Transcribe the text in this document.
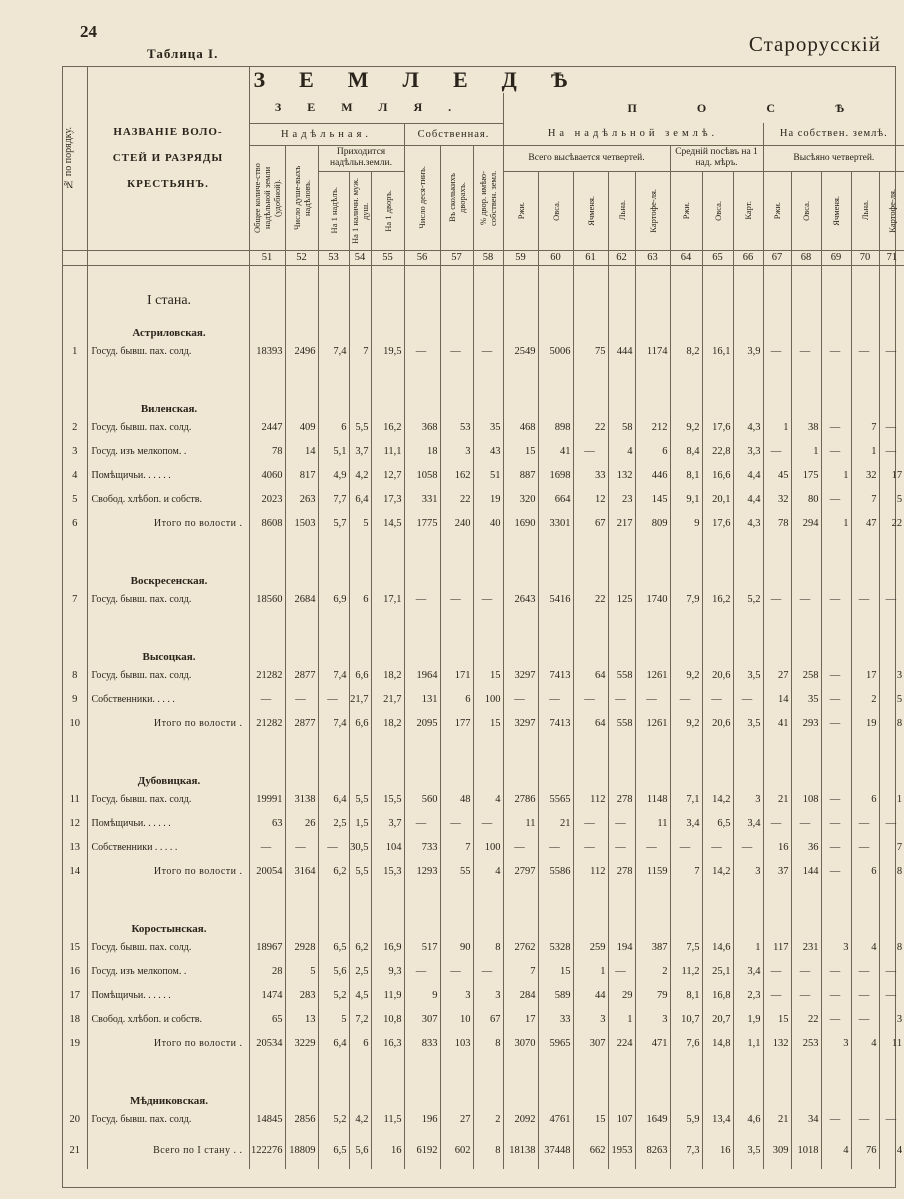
24
Таблица I.	Старорусскій
№ по порядку.	НАЗВАНІЕ ВОЛО-
СТЕЙ И РАЗРЯДЫ
КРЕСТЬЯНЪ.	ЗЕМЛЕДѢ																				

		ЗЕМЛЯ.								ПОСѢ												

		Надѣльная.					Собственная.			На надѣльной землѣ.								На собствен. землѣ.				

		Общее количе-ство надѣльной земли (удобной).	Число душе-выхъ надѣловъ.	Приходится надѣльн.земли.			Число деся-тинъ.	Въ сколькихъ дворахъ.	% двор. имѣю-собствен. земл.	Всего высѣвается четвертей.					Средній посѣвъ на 1 над. мѣръ.			Высѣяно четвертей.				

				На 1 надѣлъ.	На 1 наличн. муж. душ.	На 1 дворъ.				Ржи.	Овса.	Ячменя.	Льна.	Картофе-ля.	Ржи.	Овса.	Карт.	Ржи.	Овса.	Ячменя.	Льна.	Картофе-ля.

		51	52	53	54	55	56	57	58	59	60	61	62	63	64	65	66	67	68	69	70	71
	I стана.																					
	Астриловская.																					
1	Госуд. бывш. пах. солд.	18393	2496	7,4	7	19,5	—	—	—	2549	5006	75	444	1174	8,2	16,1	3,9	—	—	—	—	—

	Виленская.																					
2	Госуд. бывш. пах. солд.	2447	409	6	5,5	16,2	368	53	35	468	898	22	58	212	9,2	17,6	4,3	1	38	—	7	—
3	Госуд. изъ мелкопом. .	78	14	5,1	3,7	11,1	18	3	43	15	41	—	4	6	8,4	22,8	3,3	—	1	—	1	—
4	Помѣщичьи. . . . . .	4060	817	4,9	4,2	12,7	1058	162	51	887	1698	33	132	446	8,1	16,6	4,4	45	175	1	32	17
5	Свобод. хлѣбоп. и собств.	2023	263	7,7	6,4	17,3	331	22	19	320	664	12	23	145	9,1	20,1	4,4	32	80	—	7	5
6	Итого по волости .	8608	1503	5,7	5	14,5	1775	240	40	1690	3301	67	217	809	9	17,6	4,3	78	294	1	47	22

	Воскресенская.																					
7	Госуд. бывш. пах. солд.	18560	2684	6,9	6	17,1	—	—	—	2643	5416	22	125	1740	7,9	16,2	5,2	—	—	—	—	—

	Высоцкая.																					
8	Госуд. бывш. пах. солд.	21282	2877	7,4	6,6	18,2	1964	171	15	3297	7413	64	558	1261	9,2	20,6	3,5	27	258	—	17	3
9	Собственники. . . . .	—	—	—	21,7	21,7	131	6	100	—	—	—	—	—	—	—	—	14	35	—	2	5
10	Итого по волости .	21282	2877	7,4	6,6	18,2	2095	177	15	3297	7413	64	558	1261	9,2	20,6	3,5	41	293	—	19	8

	Дубовицкая.																					
11	Госуд. бывш. пах. солд.	19991	3138	6,4	5,5	15,5	560	48	4	2786	5565	112	278	1148	7,1	14,2	3	21	108	—	6	1
12	Помѣщичьи. . . . . .	63	26	2,5	1,5	3,7	—	—	—	11	21	—	—	11	3,4	6,5	3,4	—	—	—	—	—
13	Собственники . . . . .	—	—	—	30,5	104	733	7	100	—	—	—	—	—	—	—	—	16	36	—	—	7
14	Итого по волости .	20054	3164	6,2	5,5	15,3	1293	55	4	2797	5586	112	278	1159	7	14,2	3	37	144	—	6	8

	Коростынская.																					
15	Госуд. бывш. пах. солд.	18967	2928	6,5	6,2	16,9	517	90	8	2762	5328	259	194	387	7,5	14,6	1	117	231	3	4	8
16	Госуд. изъ мелкопом. .	28	5	5,6	2,5	9,3	—	—	—	7	15	1	—	2	11,2	25,1	3,4	—	—	—	—	—
17	Помѣщичьи. . . . . .	1474	283	5,2	4,5	11,9	9	3	3	284	589	44	29	79	8,1	16,8	2,3	—	—	—	—	—
18	Свобод. хлѣбоп. и собств.	65	13	5	7,2	10,8	307	10	67	17	33	3	1	3	10,7	20,7	1,9	15	22	—	—	3
19	Итого по волости .	20534	3229	6,4	6	16,3	833	103	8	3070	5965	307	224	471	7,6	14,8	1,1	132	253	3	4	11

	Мѣдниковская.																					
20	Госуд. бывш. пах. солд.	14845	2856	5,2	4,2	11,5	196	27	2	2092	4761	15	107	1649	5,9	13,4	4,6	21	34	—	—	—
21	Всего по I стану . .	122276	18809	6,5	5,6	16	6192	602	8	18138	37448	662	1953	8263	7,3	16	3,5	309	1018	4	76	4
